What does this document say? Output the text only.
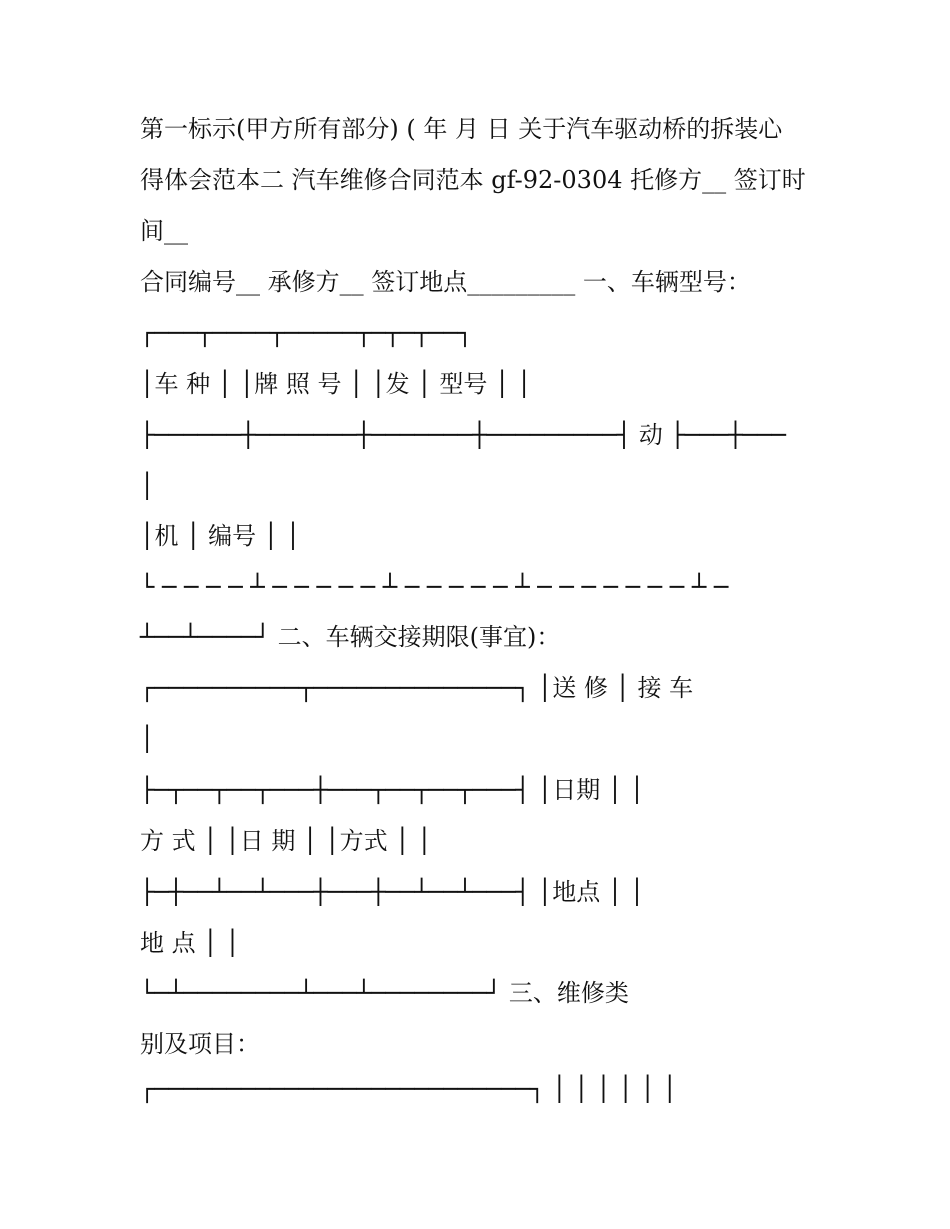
第一标示(甲方所有部分) ( 年 月 日 关于汽车驱动桥的拆装心
得体会范本二 汽车维修合同范本 gf-92-0304 托修方__ 签订时
间__
合同编号__ 承修方__ 签订地点_________ 一、车辆型号：
┌───┬────┬─────┬─┬─┬──┐
│车 种 │ │牌 照 号 │ │发 │ 型号 │ │
├──────┼───────┼───────┼─────────┤ 动 ├───┼───
│
│机 │ 编号 │ │
└ ─ ─ ─ ─ ┴ ─ ─ ─ ─ ─ ┴ ─ ─ ─ ─ ─ ┴ ─ ─ ─ ─ ─ ─ ─ ┴ ─
┴──┴────┘ 二、车辆交接期限(事宜)：
┌──────────┬──────────────┐ │送 修 │ 接 车
│
├─┬──┬──┬───┼───┬──┬──┬───┤ │日期 │ │
方 式 │ │日 期 │ │方式 │ │
├─┼──┴──┴───┼───┼──┴──┴───┤ │地点 │ │
地 点 │ │
└─┴────────┴───┴────────┘ 三、维修类
别及项目：
┌──────────────────────────┐ │ │ │ │ │ │
